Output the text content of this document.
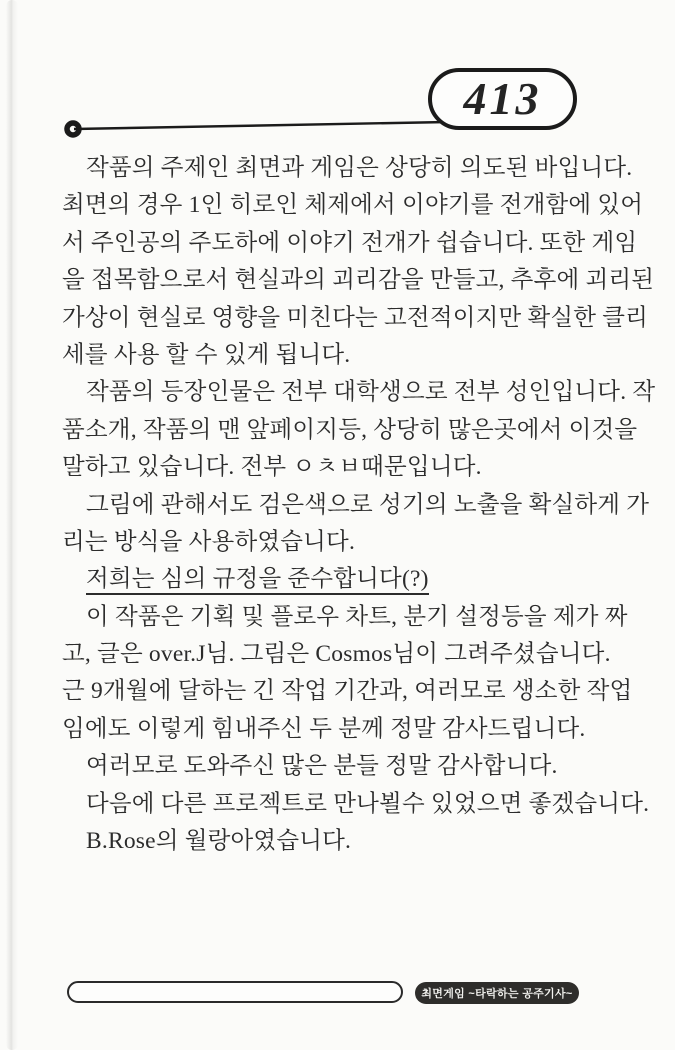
413
작품의 주제인 최면과 게임은 상당히 의도된 바입니다.
최면의 경우 1인 히로인 체제에서 이야기를 전개함에 있어
서 주인공의 주도하에 이야기 전개가 쉽습니다. 또한 게임
을 접목함으로서 현실과의 괴리감을 만들고, 추후에 괴리된
가상이 현실로 영향을 미친다는 고전적이지만 확실한 클리
세를 사용 할 수 있게 됩니다.
작품의 등장인물은 전부 대학생으로 전부 성인입니다. 작
품소개, 작품의 맨 앞페이지등, 상당히 많은곳에서 이것을
말하고 있습니다. 전부 ㅇㅊㅂ때문입니다.
그림에 관해서도 검은색으로 성기의 노출을 확실하게 가
리는 방식을 사용하였습니다.
저희는 심의 규정을 준수합니다(?)
이 작품은 기획 및 플로우 차트, 분기 설정등을 제가 짜
고, 글은 over.J님. 그림은 Cosmos님이 그려주셨습니다.
근 9개월에 달하는 긴 작업 기간과, 여러모로 생소한 작업
임에도 이렇게 힘내주신 두 분께 정말 감사드립니다.
여러모로 도와주신 많은 분들 정말 감사합니다.
다음에 다른 프로젝트로 만나뵐수 있었으면 좋겠습니다.
B.Rose의 월랑아였습니다.
최면게임 ~타락하는 공주기사~
